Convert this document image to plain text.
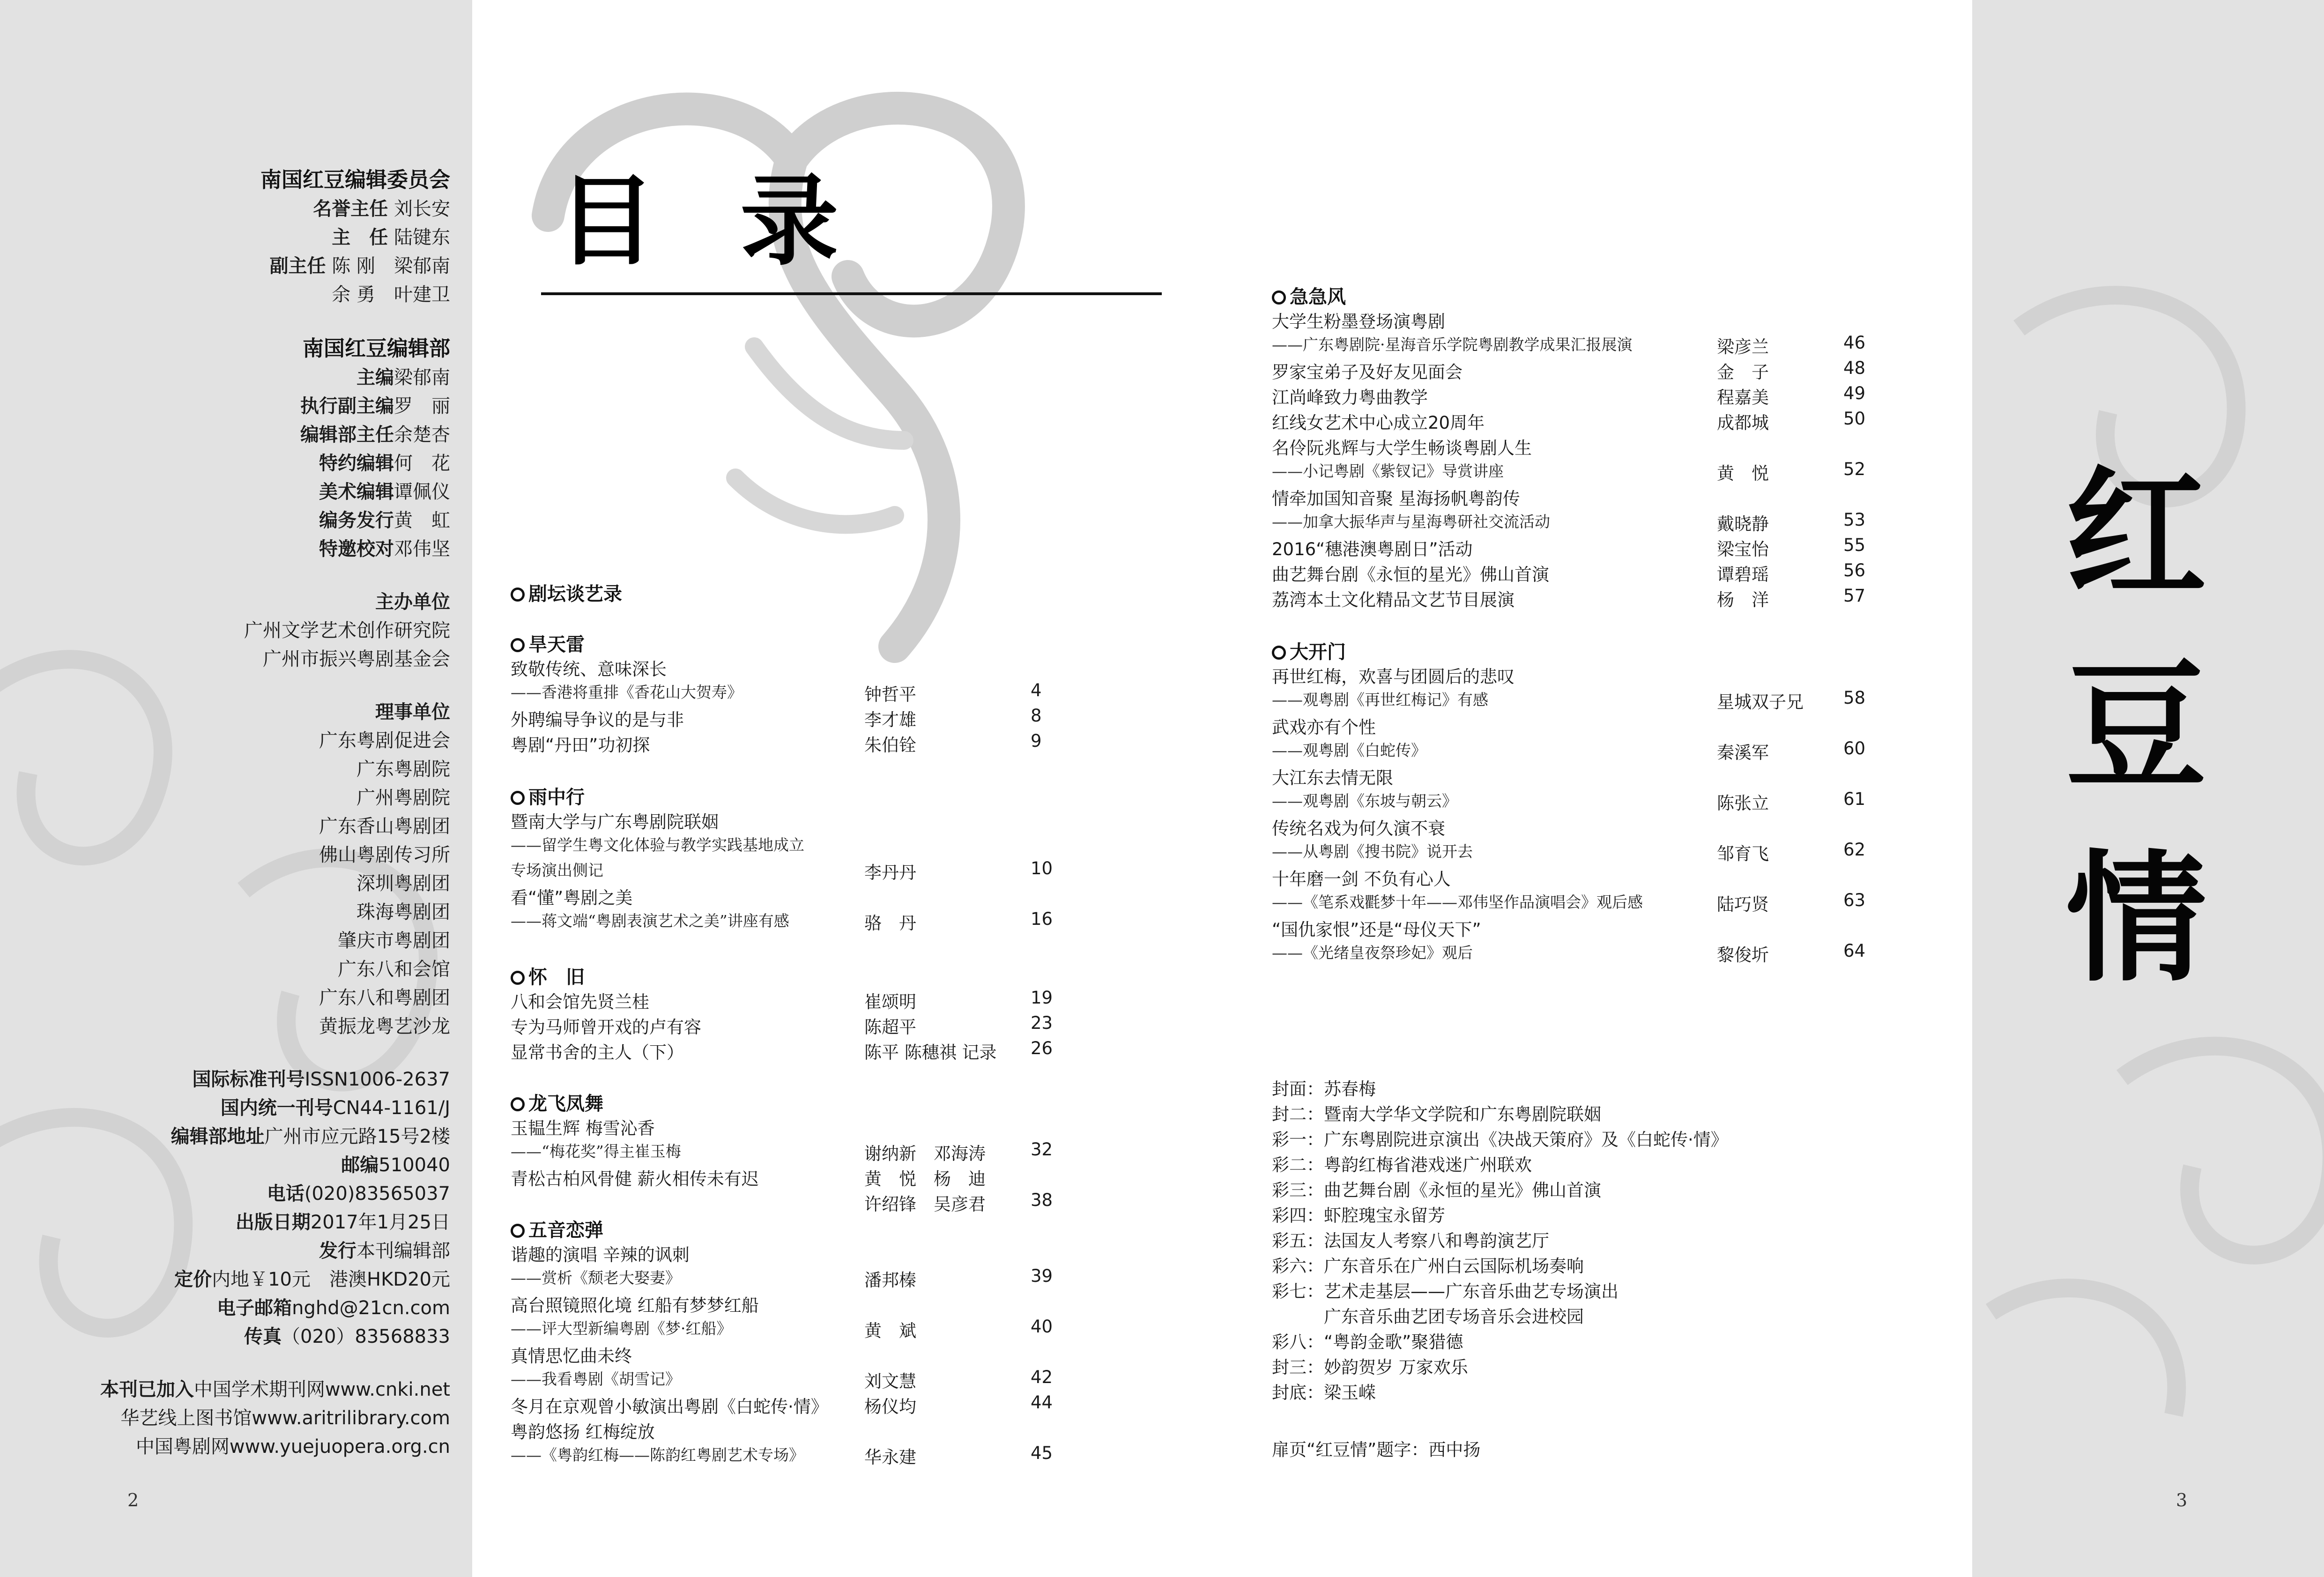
南国红豆编辑委员会
名誉主任 刘长安
主　任 陆键东
副主任 陈 刚　梁郁南
余 勇　叶建卫
南国红豆编辑部
主编梁郁南
执行副主编罗　丽
编辑部主任余楚杏
特约编辑何　花
美术编辑谭佩仪
编务发行黄　虹
特邀校对邓伟坚
主办单位
广州文学艺术创作研究院
广州市振兴粤剧基金会
理事单位
广东粤剧促进会
广东粤剧院
广州粤剧院
广东香山粤剧团
佛山粤剧传习所
深圳粤剧团
珠海粤剧团
肇庆市粤剧团
广东八和会馆
广东八和粤剧团
黄振龙粤艺沙龙
国际标准刊号ISSN1006-2637
国内统一刊号CN44-1161/J
编辑部地址广州市应元路15号2楼
邮编510040
电话(020)83565037
出版日期2017年1月25日
发行本刊编辑部
定价内地￥10元　港澳HKD20元
电子邮箱nghd@21cn.com
传真（020）83568833
本刊已加入中国学术期刊网www.cnki.net
华艺线上图书馆www.aritrilibrary.com
中国粤剧网www.yuejuopera.org.cn
2	3
目录
剧坛谈艺录
旱天雷
致敬传统、意味深长
——香港将重排《香花山大贺寿》	钟哲平	4
外聘编导争议的是与非	李才雄	8
粤剧“丹田”功初探	朱伯铨	9
雨中行
暨南大学与广东粤剧院联姻
——留学生粤文化体验与教学实践基地成立
专场演出侧记	李丹丹	10
看“懂”粤剧之美
——蒋文端“粤剧表演艺术之美”讲座有感	骆　丹	16
怀　旧
八和会馆先贤兰桂	崔颂明	19
专为马师曾开戏的卢有容	陈超平	23
显常书舍的主人（下）	陈平 陈穗祺 记录 26
龙飞凤舞
玉韫生辉 梅雪沁香
——“梅花奖”得主崔玉梅	谢纳新　邓海涛	32
青松古柏风骨健 薪火相传未有迟	黄　悦　杨　迪
许绍锋　吴彦君	38
五音恋弹
谐趣的演唱 辛辣的讽刺
——赏析《颓老大娶妻》	潘邦榛	39
高台照镜照化境 红船有梦梦红船
——评大型新编粤剧《梦·红船》	黄　斌	40
真情思忆曲未终
——我看粤剧《胡雪记》	刘文慧	42
冬月在京观曾小敏演出粤剧《白蛇传·情》 杨仪均	44
粤韵悠扬 红梅绽放
——《粤韵红梅——陈韵红粤剧艺术专场》	华永建	45
急急风
大学生粉墨登场演粤剧
——广东粤剧院·星海音乐学院粤剧教学成果汇报展演	梁彦兰	46
罗家宝弟子及好友见面会	金　子	48
江尚峰致力粤曲教学	程嘉美	49
红线女艺术中心成立20周年	成都城	50
名伶阮兆辉与大学生畅谈粤剧人生
——小记粤剧《紫钗记》导赏讲座	黄　悦	52
情牵加国知音聚 星海扬帆粤韵传
——加拿大振华声与星海粤研社交流活动	戴晓静	53
2016“穗港澳粤剧日”活动	梁宝怡	55
曲艺舞台剧《永恒的星光》佛山首演	谭碧瑶	56
荔湾本土文化精品文艺节目展演	杨　洋	57
大开门
再世红梅，欢喜与团圆后的悲叹
——观粤剧《再世红梅记》有感	星城双子兄 58
武戏亦有个性
——观粤剧《白蛇传》	秦溪军	60
大江东去情无限
——观粤剧《东坡与朝云》	陈张立	61
传统名戏为何久演不衰
——从粤剧《搜书院》说开去	邹育飞	62
十年磨一剑 不负有心人
——《笔系戏氍梦十年——邓伟坚作品演唱会》观后感	陆巧贤	63
“国仇家恨”还是“母仪天下”
——《光绪皇夜祭珍妃》观后	黎俊圻	64
封面：苏春梅
封二：暨南大学华文学院和广东粤剧院联姻
彩一：广东粤剧院进京演出《决战天策府》及《白蛇传·情》
彩二：粤韵红梅省港戏迷广州联欢
彩三：曲艺舞台剧《永恒的星光》佛山首演
彩四：虾腔瑰宝永留芳
彩五：法国友人考察八和粤韵演艺厅
彩六：广东音乐在广州白云国际机场奏响
彩七：艺术走基层——广东音乐曲艺专场演出
　　　广东音乐曲艺团专场音乐会进校园
彩八：“粤韵金歌”聚猎德
封三：妙韵贺岁 万家欢乐
封底：梁玉嵘
扉页“红豆情”题字：西中扬
红
豆
情
